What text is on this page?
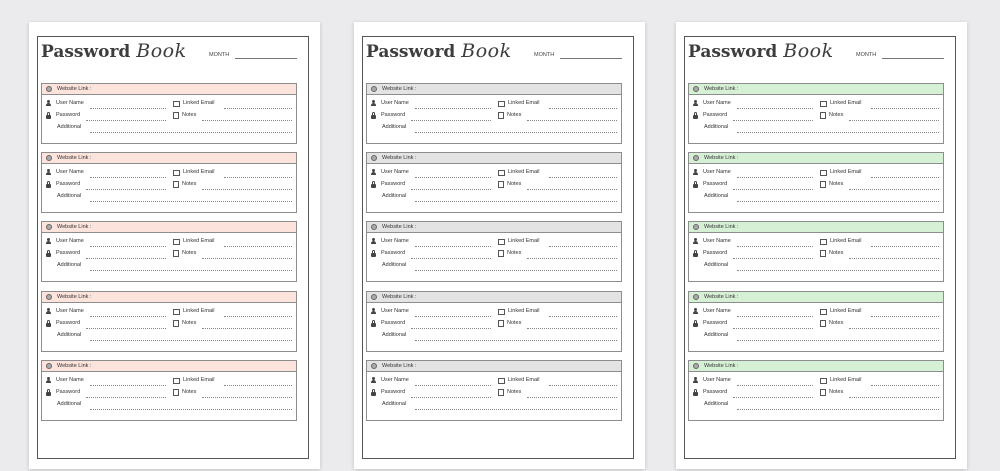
Password Book	MONTH
Website Link :
User Name	Linked Email
Password	Notes
Additional
Website Link :
User Name	Linked Email
Password	Notes
Additional
Website Link :
User Name	Linked Email
Password	Notes
Additional
Website Link :
User Name	Linked Email
Password	Notes
Additional
Website Link :
User Name	Linked Email
Password	Notes
Additional
Password Book	MONTH
Website Link :
User Name	Linked Email
Password	Notes
Additional
Website Link :
User Name	Linked Email
Password	Notes
Additional
Website Link :
User Name	Linked Email
Password	Notes
Additional
Website Link :
User Name	Linked Email
Password	Notes
Additional
Website Link :
User Name	Linked Email
Password	Notes
Additional
Password Book	MONTH
Website Link :
User Name	Linked Email
Password	Notes
Additional
Website Link :
User Name	Linked Email
Password	Notes
Additional
Website Link :
User Name	Linked Email
Password	Notes
Additional
Website Link :
User Name	Linked Email
Password	Notes
Additional
Website Link :
User Name	Linked Email
Password	Notes
Additional
